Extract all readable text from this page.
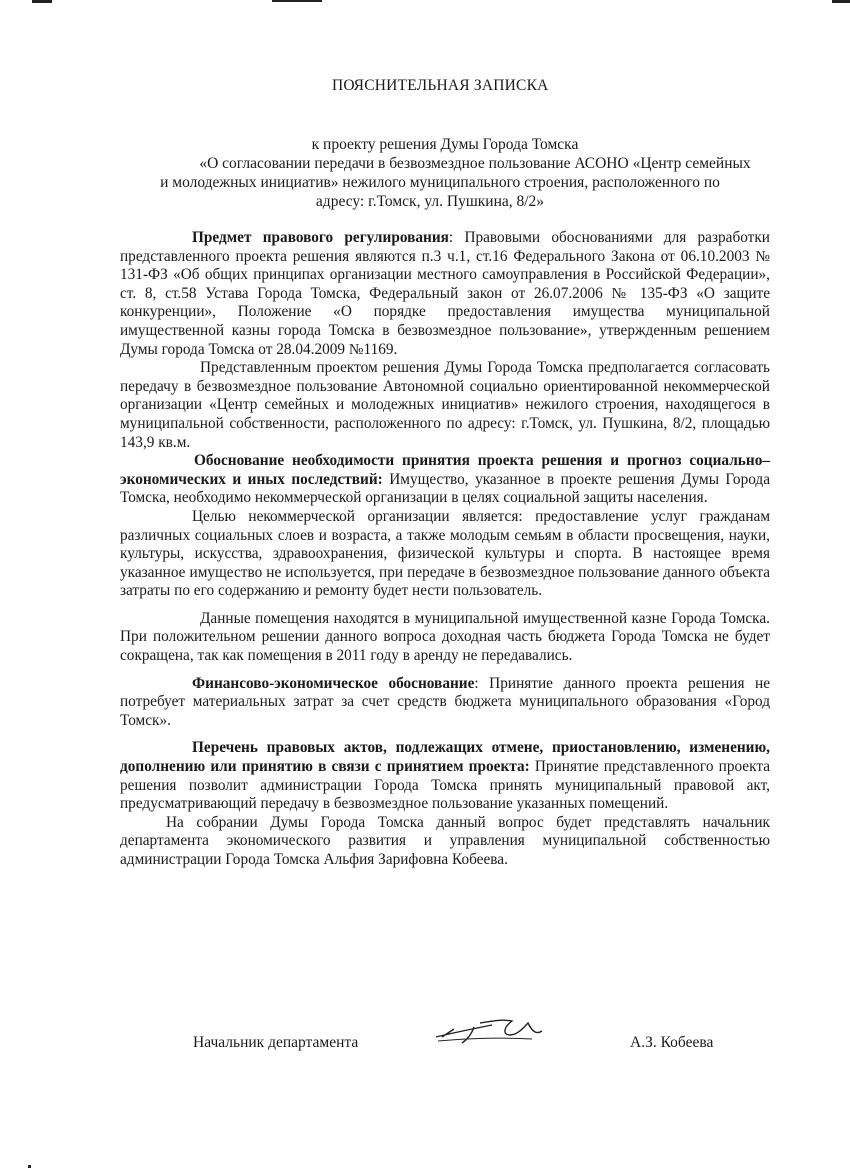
ПОЯСНИТЕЛЬНАЯ ЗАПИСКА
к проекту решения Думы Города Томска
«О согласовании передачи в безвозмездное пользование АСОНО «Центр семейных
и молодежных инициатив» нежилого муниципального строения, расположенного по
адресу: г.Томск, ул. Пушкина, 8/2»

Предмет правового регулирования: Правовыми обоснованиями для разработки представленного проекта решения являются п.3 ч.1, ст.16 Федерального Закона от 06.10.2003 № 131-ФЗ «Об общих принципах организации местного самоуправления в Российской Федерации», ст. 8, ст.58 Устава Города Томска, Федеральный закон от 26.07.2006 № 135-ФЗ «О защите конкуренции», Положение «О порядке предоставления имущества муниципальной имущественной казны города Томска в безвозмездное пользование», утвержденным решением Думы города Томска от 28.04.2009 №1169.

Представленным проектом решения Думы Города Томска предполагается согласовать передачу в безвозмездное пользование Автономной социально ориентированной некоммерческой организации «Центр семейных и молодежных инициатив» нежилого строения, находящегося в муниципальной собственности, расположенного по адресу: г.Томск, ул. Пушкина, 8/2, площадью 143,9 кв.м.

Обоснование необходимости принятия проекта решения и прогноз социально–экономических и иных последствий: Имущество, указанное в проекте решения Думы Города Томска, необходимо некоммерческой организации в целях социальной защиты населения.

Целью некоммерческой организации является: предоставление услуг гражданам различных социальных слоев и возраста, а также молодым семьям в области просвещения, науки, культуры, искусства, здравоохранения, физической культуры и спорта. В настоящее время указанное имущество не используется, при передаче в безвозмездное пользование данного объекта затраты по его содержанию и ремонту будет нести пользователь.

Данные помещения находятся в муниципальной имущественной казне Города Томска. При положительном решении данного вопроса доходная часть бюджета Города Томска не будет сокращена, так как помещения в 2011 году в аренду не передавались.

Финансово-экономическое обоснование: Принятие данного проекта решения не потребует материальных затрат за счет средств бюджета муниципального образования «Город Томск».

Перечень правовых актов, подлежащих отмене, приостановлению, изменению, дополнению или принятию в связи с принятием проекта: Принятие представленного проекта решения позволит администрации Города Томска принять муниципальный правовой акт, предусматривающий передачу в безвозмездное пользование указанных помещений.

На собрании Думы Города Томска данный вопрос будет представлять начальник департамента экономического развития и управления муниципальной собственностью администрации Города Томска Альфия Зарифовна Кобеева.

Начальник департамента	А.З. Кобеева
